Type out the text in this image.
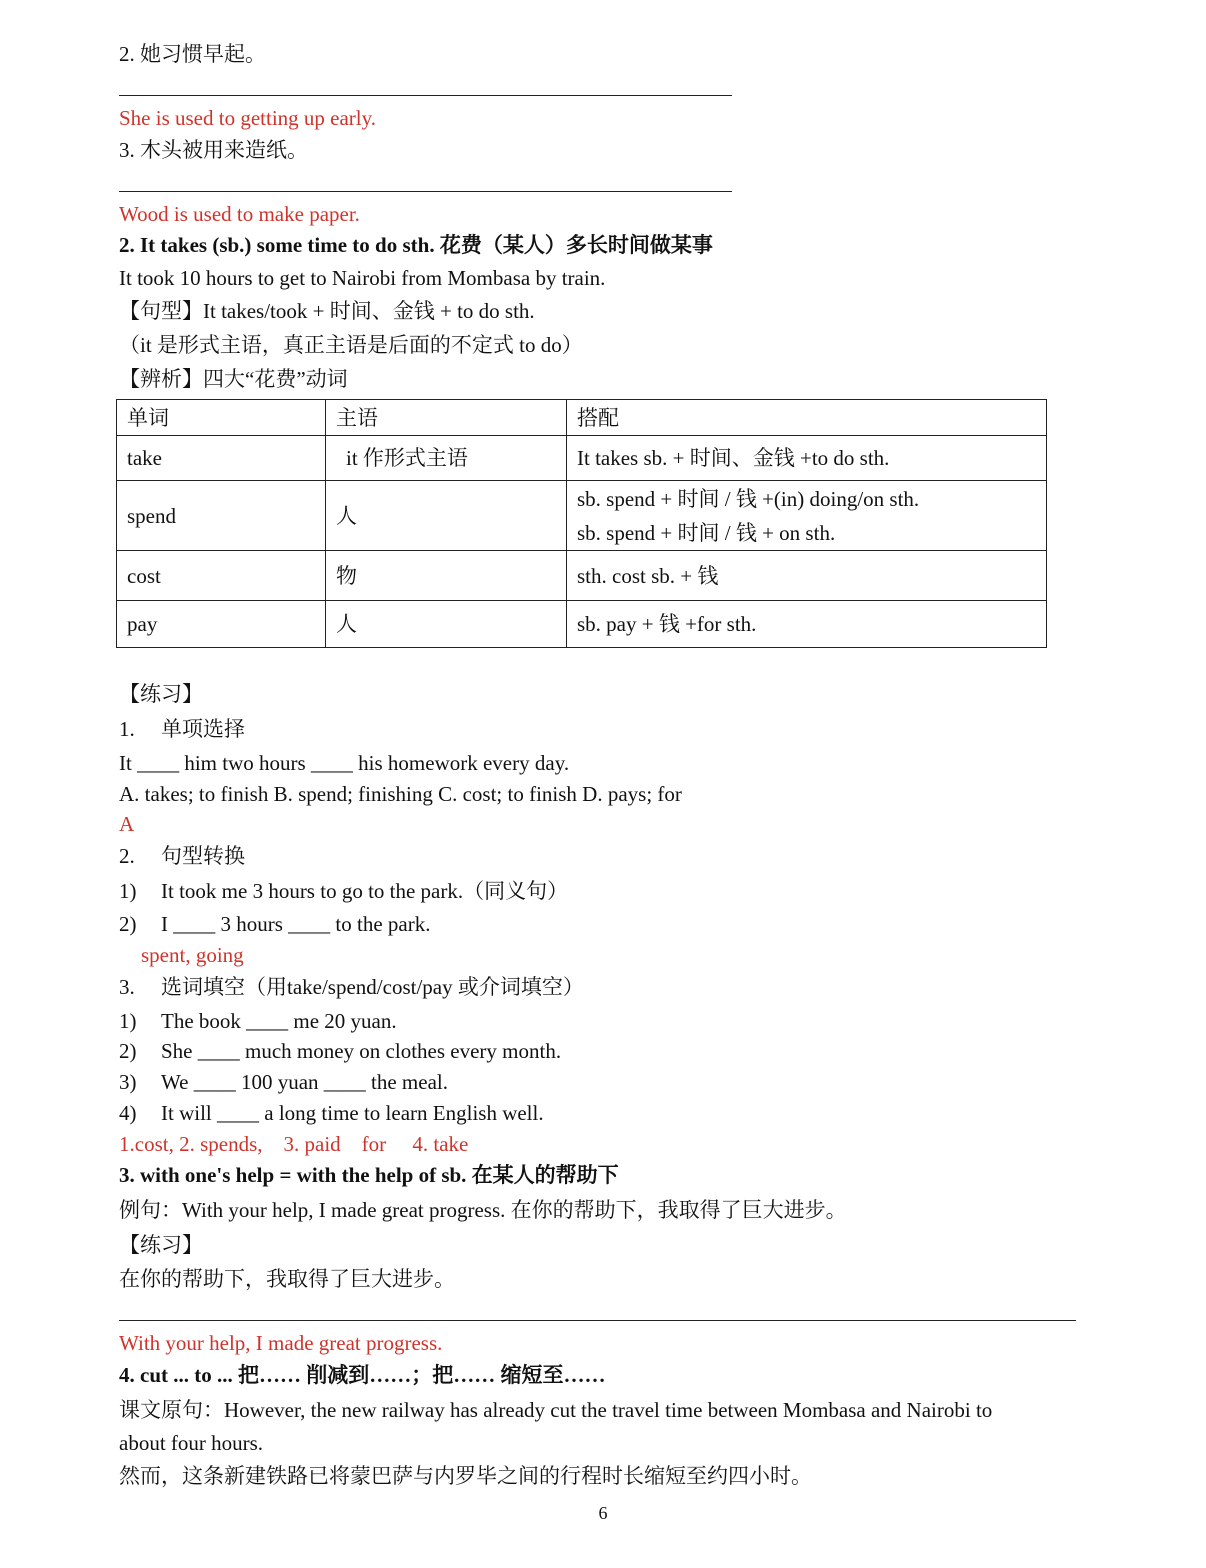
2. 她习惯早起。
She is used to getting up early.
3. 木头被用来造纸。
Wood is used to make paper.
2. It takes (sb.) some time to do sth. 花费（某人）多长时间做某事
It took 10 hours to get to Nairobi from Mombasa by train.
【句型】It takes/took + 时间、金钱 + to do sth.
（it 是形式主语，真正主语是后面的不定式 to do）
【辨析】四大“花费”动词
单词	主语	搭配
take	it 作形式主语	It takes sb. + 时间、金钱 +to do sth.
spend	人	sb. spend + 时间 / 钱 +(in) doing/on sth.
sb. spend + 时间 / 钱 + on sth.

cost	物	sth. cost sb. + 钱
pay	人	sb. pay + 钱 +for sth.
【练习】
1. 单项选择
It ____ him two hours ____ his homework every day.
A. takes; to finish B. spend; finishing C. cost; to finish D. pays; for
A
2. 句型转换
1) It took me 3 hours to go to the park.（同义句）
2) I ____ 3 hours ____ to the park.
spent, going
3. 选词填空（用take/spend/cost/pay 或介词填空）
1) The book ____ me 20 yuan.
2) She ____ much money on clothes every month.
3) We ____ 100 yuan ____ the meal.
4) It will ____ a long time to learn English well.
1.cost, 2. spends,    3. paid    for     4. take
3. with one's help = with the help of sb. 在某人的帮助下
例句：With your help, I made great progress. 在你的帮助下，我取得了巨大进步。
【练习】
在你的帮助下，我取得了巨大进步。
With your help, I made great progress.
4. cut ... to ... 把…… 削减到……；把…… 缩短至……
课文原句：However, the new railway has already cut the travel time between Mombasa and Nairobi to
about four hours.
然而，这条新建铁路已将蒙巴萨与内罗毕之间的行程时长缩短至约四小时。
6
